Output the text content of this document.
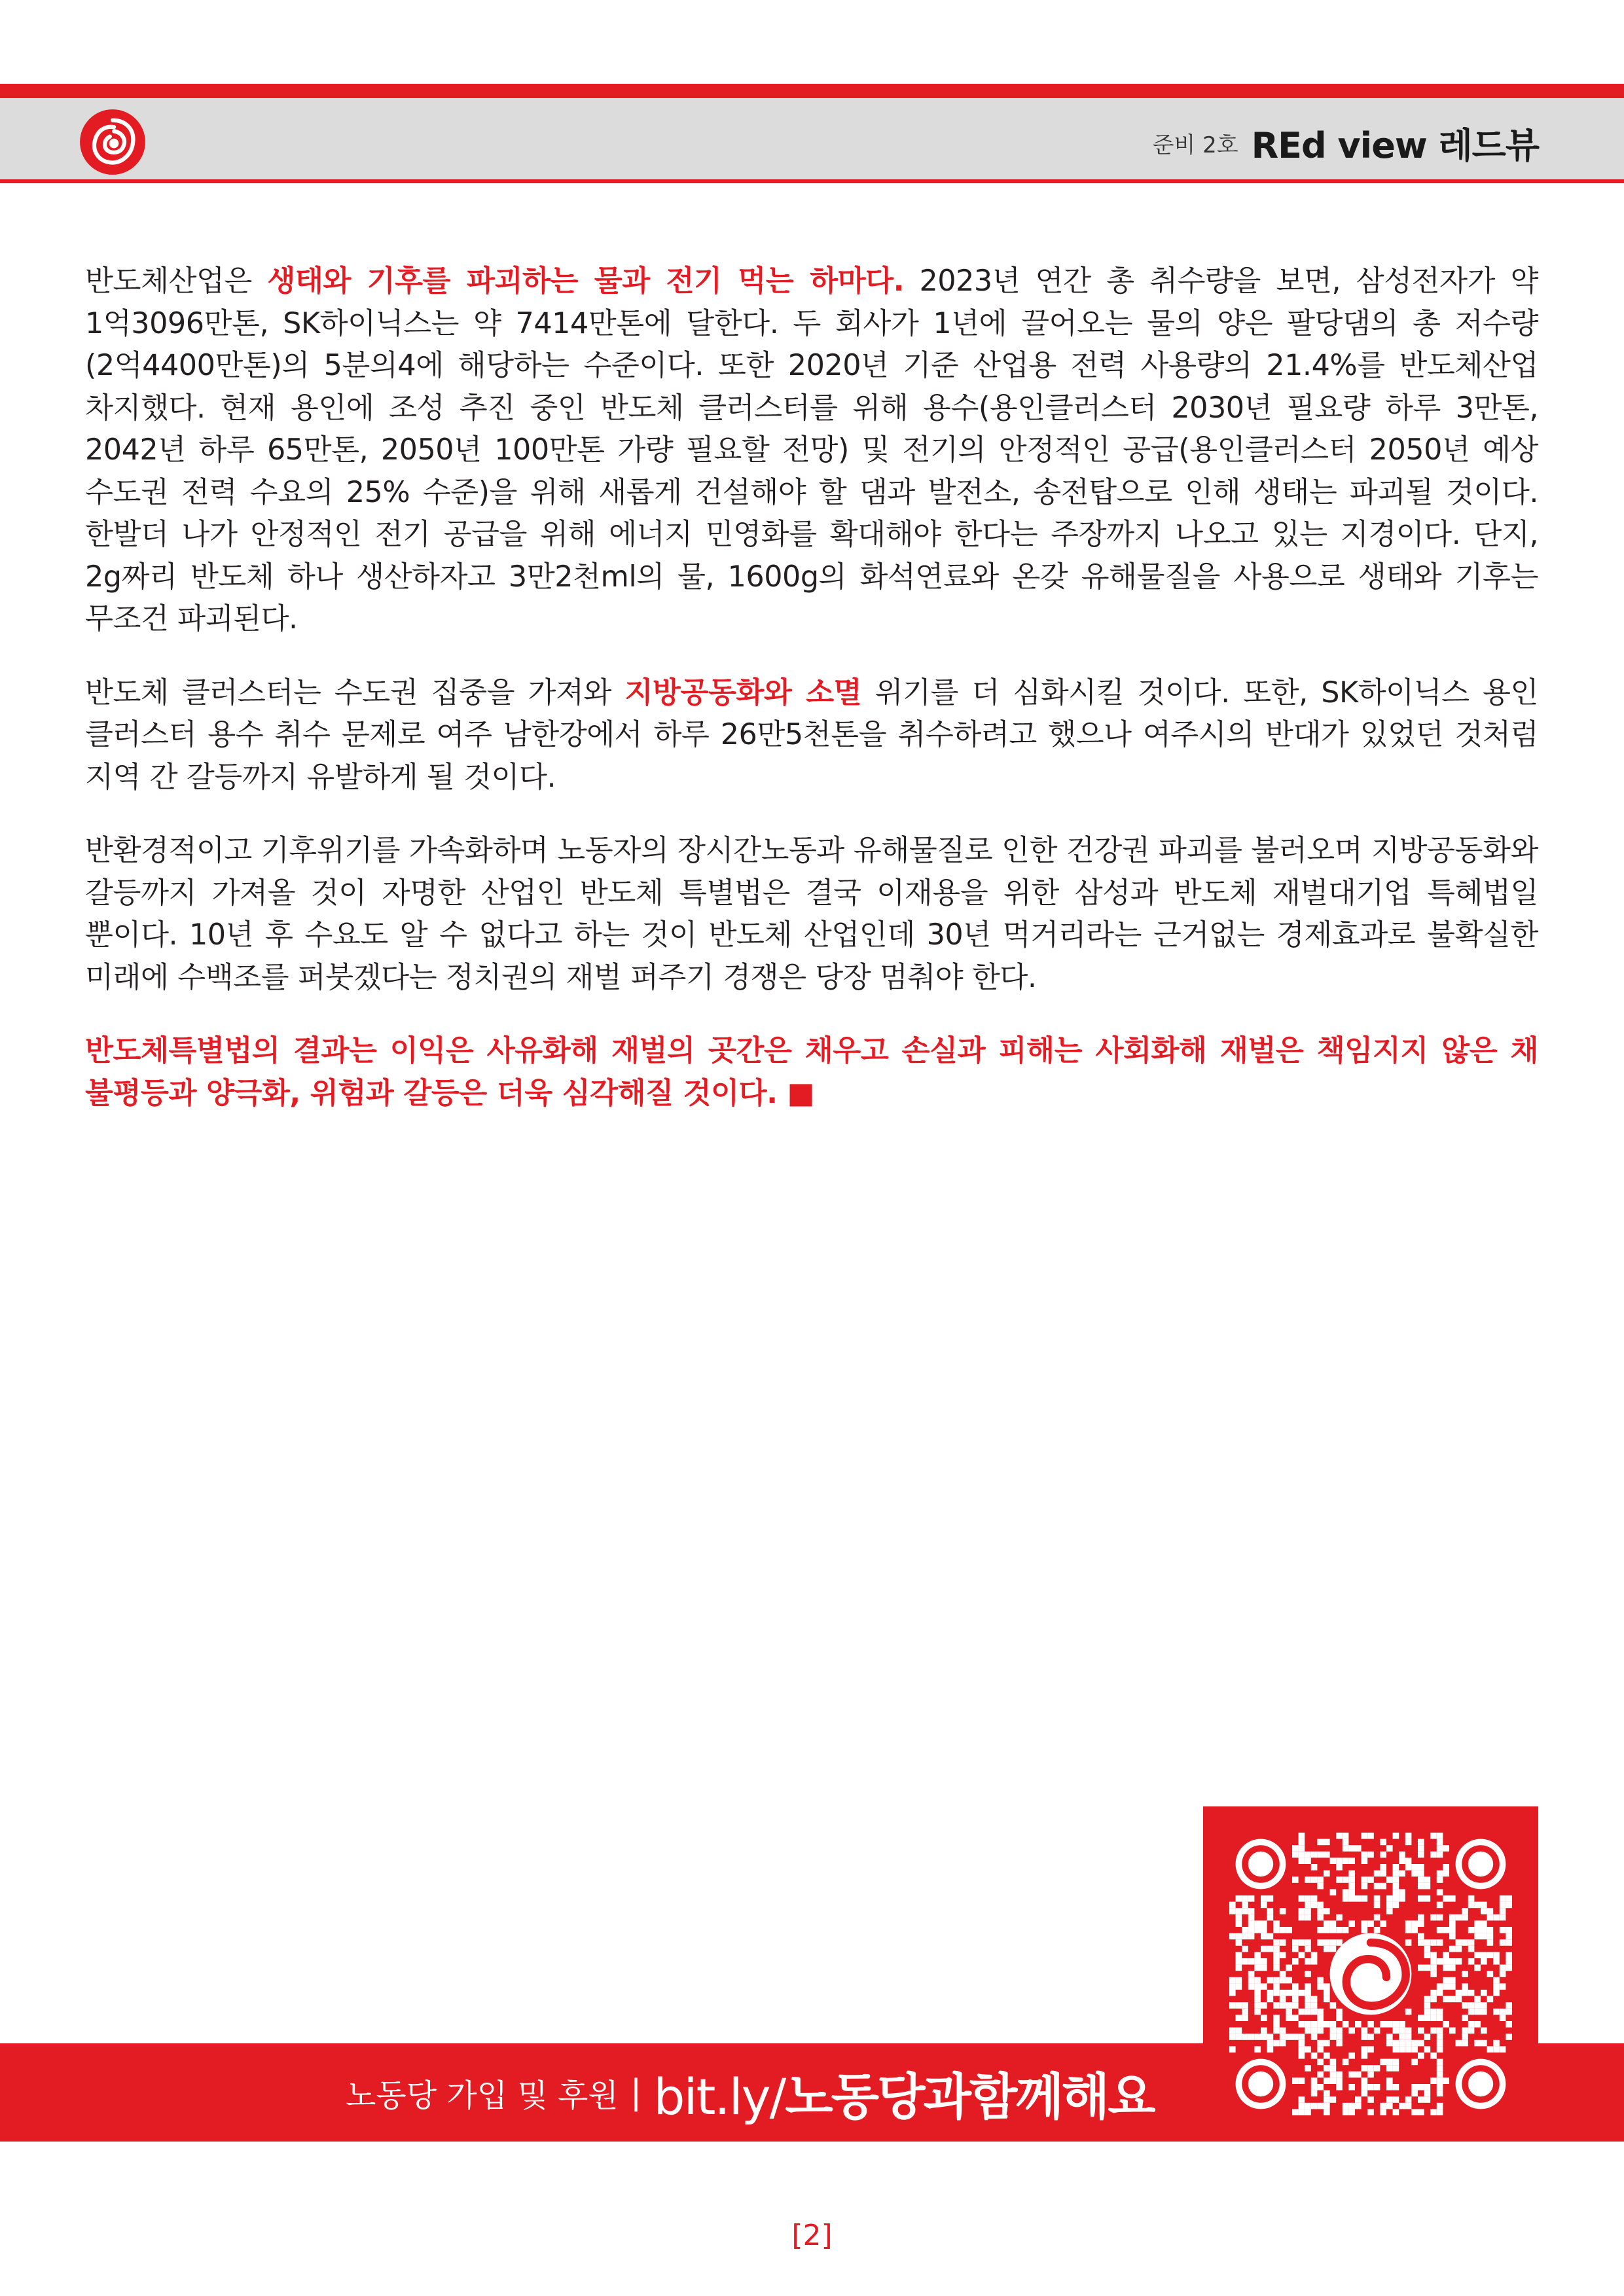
준비 2호 REd view 레드뷰

반도체산업은 생태와 기후를 파괴하는 물과 전기 먹는 하마다. 2023년 연간 총 취수량을 보면, 삼성전자가 약 1억3096만톤, SK하이닉스는 약 7414만톤에 달한다. 두 회사가 1년에 끌어오는 물의 양은 팔당댐의 총 저수량(2억4400만톤)의 5분의4에 해당하는 수준이다. 또한 2020년 기준 산업용 전력 사용량의 21.4%를 반도체산업 차지했다. 현재 용인에 조성 추진 중인 반도체 클러스터를 위해 용수(용인클러스터 2030년 필요량 하루 3만톤, 2042년 하루 65만톤, 2050년 100만톤 가량 필요할 전망) 및 전기의 안정적인 공급(용인클러스터 2050년 예상 수도권 전력 수요의 25% 수준)을 위해 새롭게 건설해야 할 댐과 발전소, 송전탑으로 인해 생태는 파괴될 것이다. 한발더 나가 안정적인 전기 공급을 위해 에너지 민영화를 확대해야 한다는 주장까지 나오고 있는 지경이다. 단지, 2g짜리 반도체 하나 생산하자고 3만2천ml의 물, 1600g의 화석연료와 온갖 유해물질을 사용으로 생태와 기후는 무조건 파괴된다.

반도체 클러스터는 수도권 집중을 가져와 지방공동화와 소멸 위기를 더 심화시킬 것이다. 또한, SK하이닉스 용인 클러스터 용수 취수 문제로 여주 남한강에서 하루 26만5천톤을 취수하려고 했으나 여주시의 반대가 있었던 것처럼 지역 간 갈등까지 유발하게 될 것이다.

반환경적이고 기후위기를 가속화하며 노동자의 장시간노동과 유해물질로 인한 건강권 파괴를 불러오며 지방공동화와 갈등까지 가져올 것이 자명한 산업인 반도체 특별법은 결국 이재용을 위한 삼성과 반도체 재벌대기업 특혜법일 뿐이다. 10년 후 수요도 알 수 없다고 하는 것이 반도체 산업인데 30년 먹거리라는 근거없는 경제효과로 불확실한 미래에 수백조를 퍼붓겠다는 정치권의 재벌 퍼주기 경쟁은 당장 멈춰야 한다.

반도체특별법의 결과는 이익은 사유화해 재벌의 곳간은 채우고 손실과 피해는 사회화해 재벌은 책임지지 않은 채 불평등과 양극화, 위험과 갈등은 더욱 심각해질 것이다. ■

노동당 가입 및 후원 | bit.ly/노동당과함께해요
[2]
